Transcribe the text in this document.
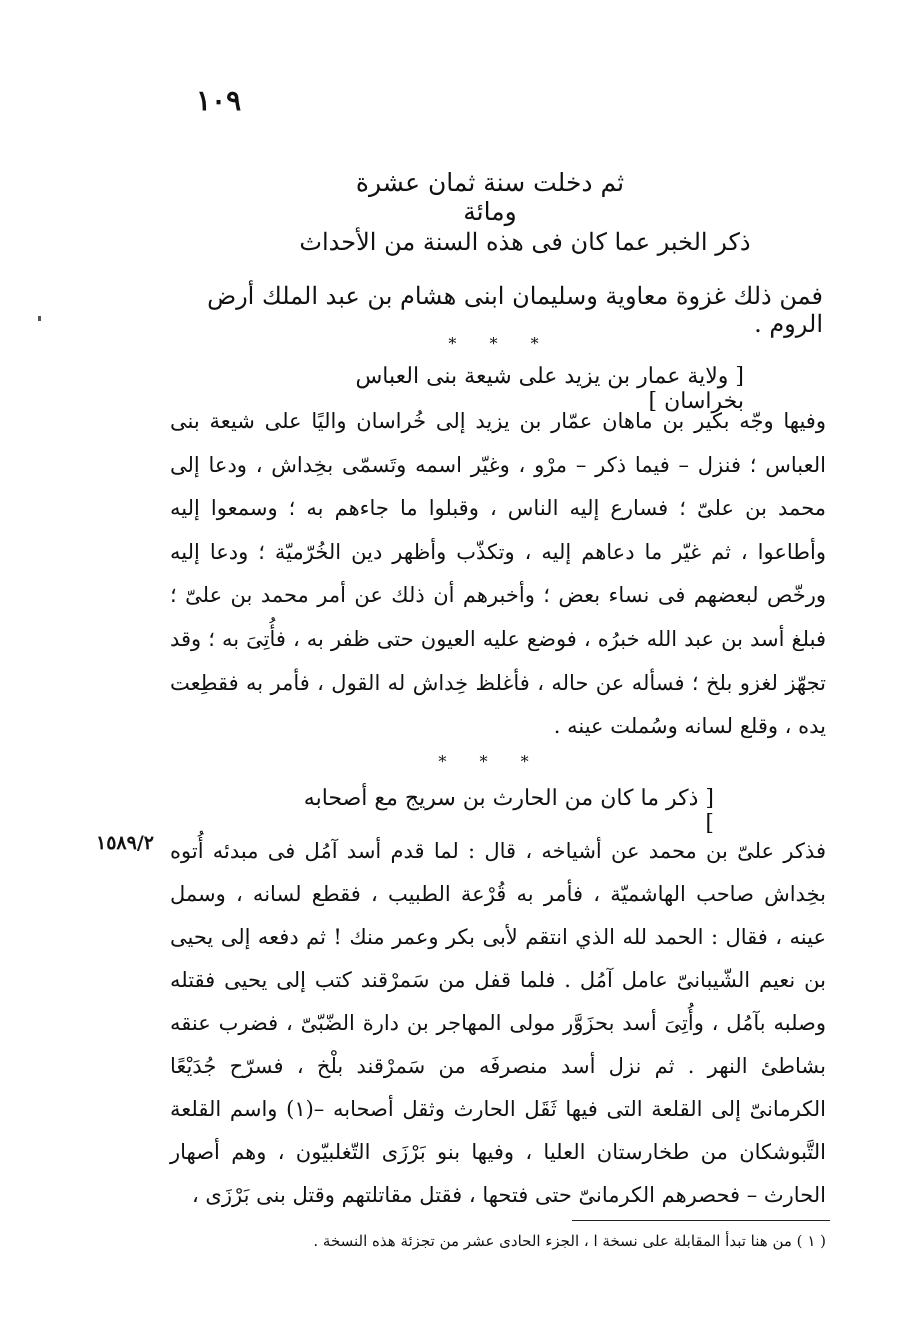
١٠٩
ثم دخلت سنة ثمان عشرة ومائة
ذكر الخبر عما كان فى هذه السنة من الأحداث
فمن ذلك غزوة معاوية وسليمان ابنى هشام بن عبد الملك أرض الروم .
* * *
[ ولاية عمار بن يزيد على شيعة بنى العباس بخراسان ]
وفيها وجّه بكير بن ماهان عمّار بن يزيد إلى خُراسان واليًا على شيعة بنى العباس ؛ فنزل – فيما ذكر – مرْو ، وغيّر اسمه وتَسمّى بخِداش ، ودعا إلى محمد بن علىّ ؛ فسارع إليه الناس ، وقبلوا ما جاءهم به ؛ وسمعوا إليه وأطاعوا ، ثم غيّر ما دعاهم إليه ، وتكذّب وأظهر دين الخُرّميّة ؛ ودعا إليه ورخّص لبعضهم فى نساء بعض ؛ وأخبرهم أن ذلك عن أمر محمد بن علىّ ؛ فبلغ أسد بن عبد الله خبرُه ، فوضع عليه العيون حتى ظفر به ، فأُتِىَ به ؛ وقد تجهّز لغزو بلخ ؛ فسأله عن حاله ، فأغلظ خِداش له القول ، فأمر به فقطِعت يده ، وقلع لسانه وسُملت عينه .
* * *
[ ذكر ما كان من الحارث بن سريج مع أصحابه ]
١٥٨٩/٢ فذكر علىّ بن محمد عن أشياخه ، قال : لما قدم أسد آمُل فى مبدئه أُتوه بخِداش صاحب الهاشميّة ، فأمر به قُرْعة الطبيب ، فقطع لسانه ، وسمل عينه ، فقال : الحمد لله الذي انتقم لأبى بكر وعمر منك ! ثم دفعه إلى يحيى بن نعيم الشّيبانىّ عامل آمُل . فلما قفل من سَمرْقند كتب إلى يحيى فقتله وصلبه بآمُل ، وأُتِىَ أسد بحزَوَّر مولى المهاجر بن دارة الضّبّىّ ، فضرب عنقه بشاطئ النهر . ثم نزل أسد منصرفَه من سَمرْقند بلْخ ، فسرّح جُدَيْعًا الكرمانىّ إلى القلعة التى فيها ثَقَل الحارث وثقل أصحابه –(١) واسم القلعة التَّبوشكان من طخارستان العليا ، وفيها بنو بَرْزَى التّغلبيّون ، وهم أصهار الحارث – فحصرهم الكرمانىّ حتى فتحها ، فقتل مقاتلتهم وقتل بنى بَرْزَى ،
( ١ ) من هنا تبدأ المقابلة على نسخة ا ، الجزء الحادى عشر من تجزئة هذه النسخة .
